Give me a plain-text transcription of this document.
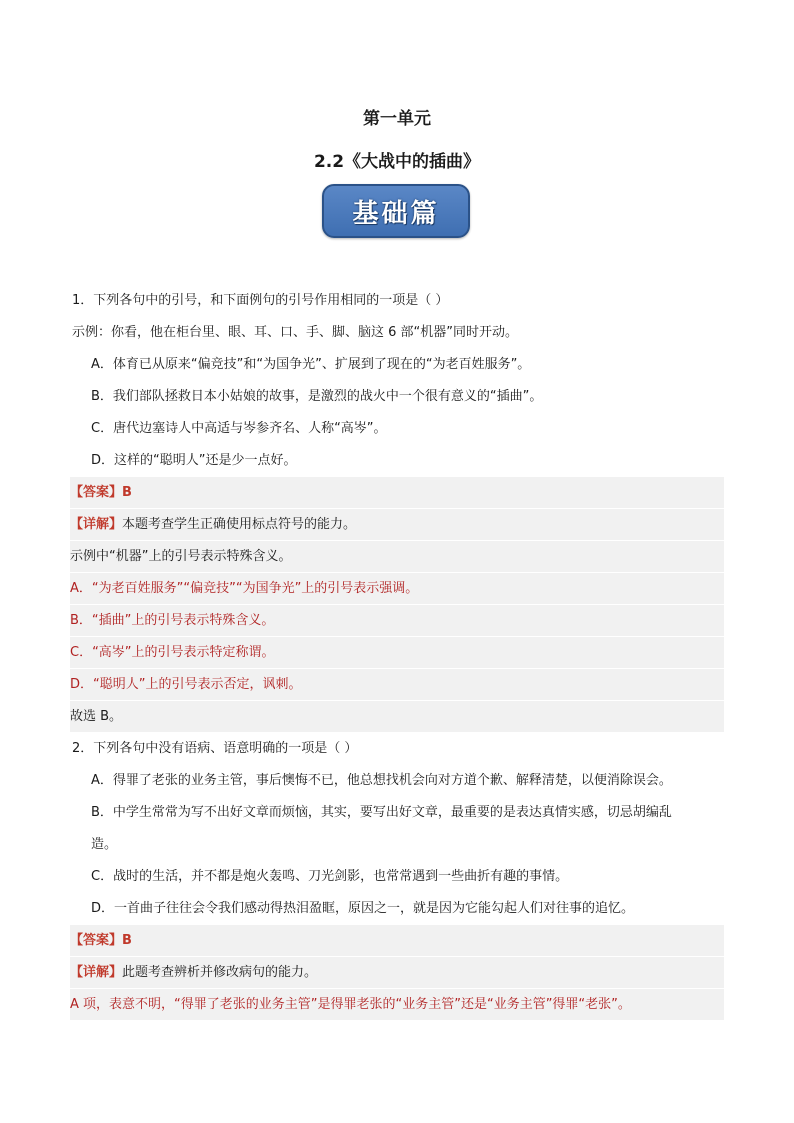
第一单元
2.2《大战中的插曲》
基础篇
1．下列各句中的引号，和下面例句的引号作用相同的一项是（ ）
示例：你看，他在柜台里、眼、耳、口、手、脚、脑这 6 部“机器”同时开动。
A．体育已从原来“偏竞技”和“为国争光”、扩展到了现在的“为老百姓服务”。
B．我们部队拯救日本小姑娘的故事，是激烈的战火中一个很有意义的“插曲”。
C．唐代边塞诗人中高适与岑参齐名、人称“高岑”。
D．这样的“聪明人”还是少一点好。
【答案】B
【详解】本题考查学生正确使用标点符号的能力。
示例中“机器”上的引号表示特殊含义。
A．“为老百姓服务”“偏竞技”“为国争光”上的引号表示强调。
B．“插曲”上的引号表示特殊含义。
C．“高岑”上的引号表示特定称谓。
D．“聪明人”上的引号表示否定，讽刺。
故选 B。
2．下列各句中没有语病、语意明确的一项是（ ）
A．得罪了老张的业务主管，事后懊悔不已，他总想找机会向对方道个歉、解释清楚，以便消除误会。
B．中学生常常为写不出好文章而烦恼，其实，要写出好文章，最重要的是表达真情实感，切忌胡编乱
造。
C．战时的生活，并不都是炮火轰鸣、刀光剑影，也常常遇到一些曲折有趣的事情。
D．一首曲子往往会令我们感动得热泪盈眶，原因之一，就是因为它能勾起人们对往事的追忆。
【答案】B
【详解】此题考查辨析并修改病句的能力。
A 项，表意不明，“得罪了老张的业务主管”是得罪老张的“业务主管”还是“业务主管”得罪“老张”。
